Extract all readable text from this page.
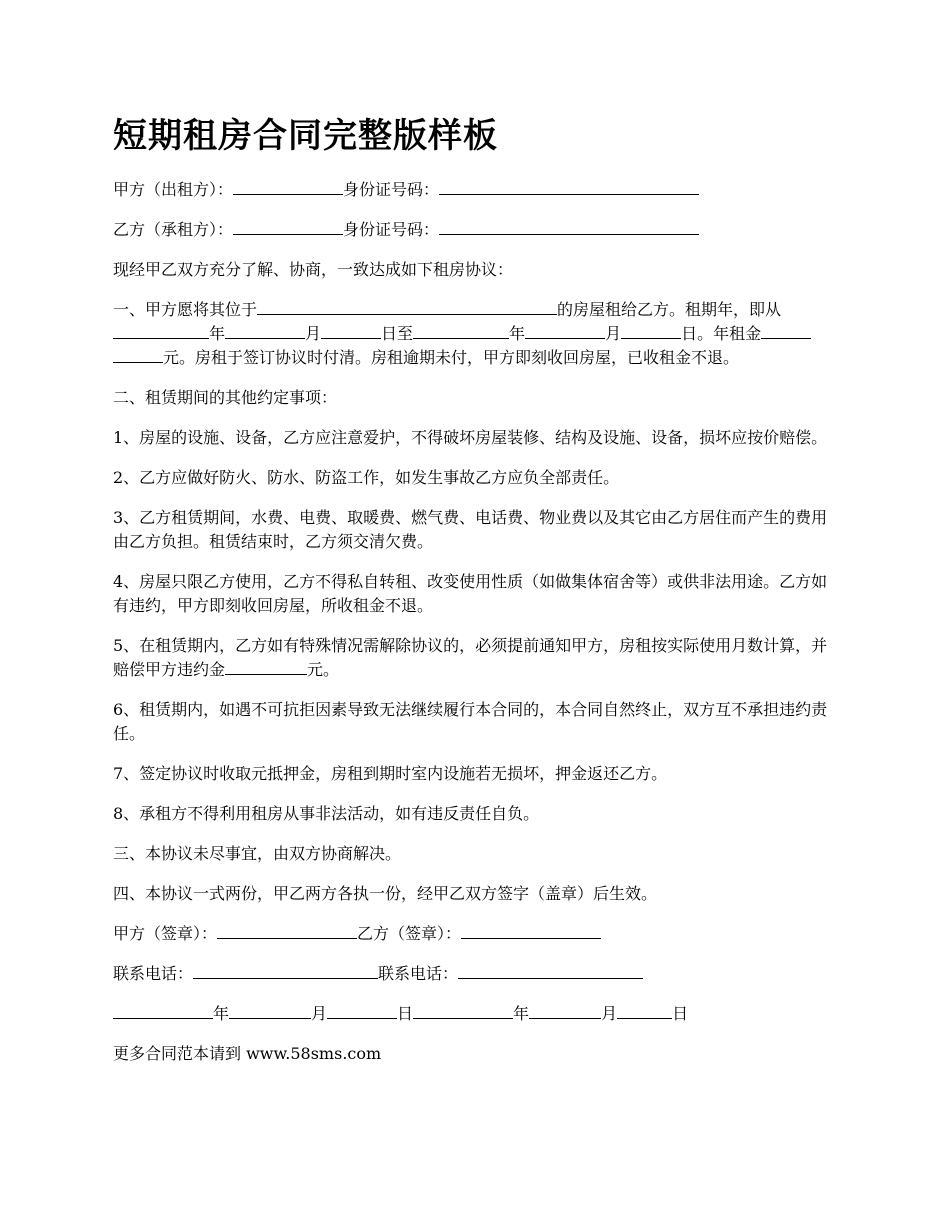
短期租房合同完整版样板

甲方（出租方）：	身份证号码：

乙方（承租方）：	身份证号码：

现经甲乙双方充分了解、协商，一致达成如下租房协议：

一、甲方愿将其位于	的房屋租给乙方。租期年，即从年	月	日至	年	月	日。年租金元。房租于签订协议时付清。房租逾期未付，甲方即刻收回房屋，已收租金不退。

二、租赁期间的其他约定事项：

1、房屋的设施、设备，乙方应注意爱护，不得破坏房屋装修、结构及设施、设备，损坏应按价赔偿。

2、乙方应做好防火、防水、防盗工作，如发生事故乙方应负全部责任。

3、乙方租赁期间，水费、电费、取暖费、燃气费、电话费、物业费以及其它由乙方居住而产生的费用由乙方负担。租赁结束时，乙方须交清欠费。

4、房屋只限乙方使用，乙方不得私自转租、改变使用性质（如做集体宿舍等）或供非法用途。乙方如有违约，甲方即刻收回房屋，所收租金不退。

5、在租赁期内，乙方如有特殊情况需解除协议的，必须提前通知甲方，房租按实际使用月数计算，并赔偿甲方违约金	元。

6、租赁期内，如遇不可抗拒因素导致无法继续履行本合同的，本合同自然终止，双方互不承担违约责任。

7、签定协议时收取元抵押金，房租到期时室内设施若无损坏，押金返还乙方。

8、承租方不得利用租房从事非法活动，如有违反责任自负。

三、本协议未尽事宜，由双方协商解决。

四、本协议一式两份，甲乙两方各执一份，经甲乙双方签字（盖章）后生效。

甲方（签章）：	乙方（签章）：

联系电话：	联系电话：

年	月	日	年	月	日

更多合同范本请到 www.58sms.com
